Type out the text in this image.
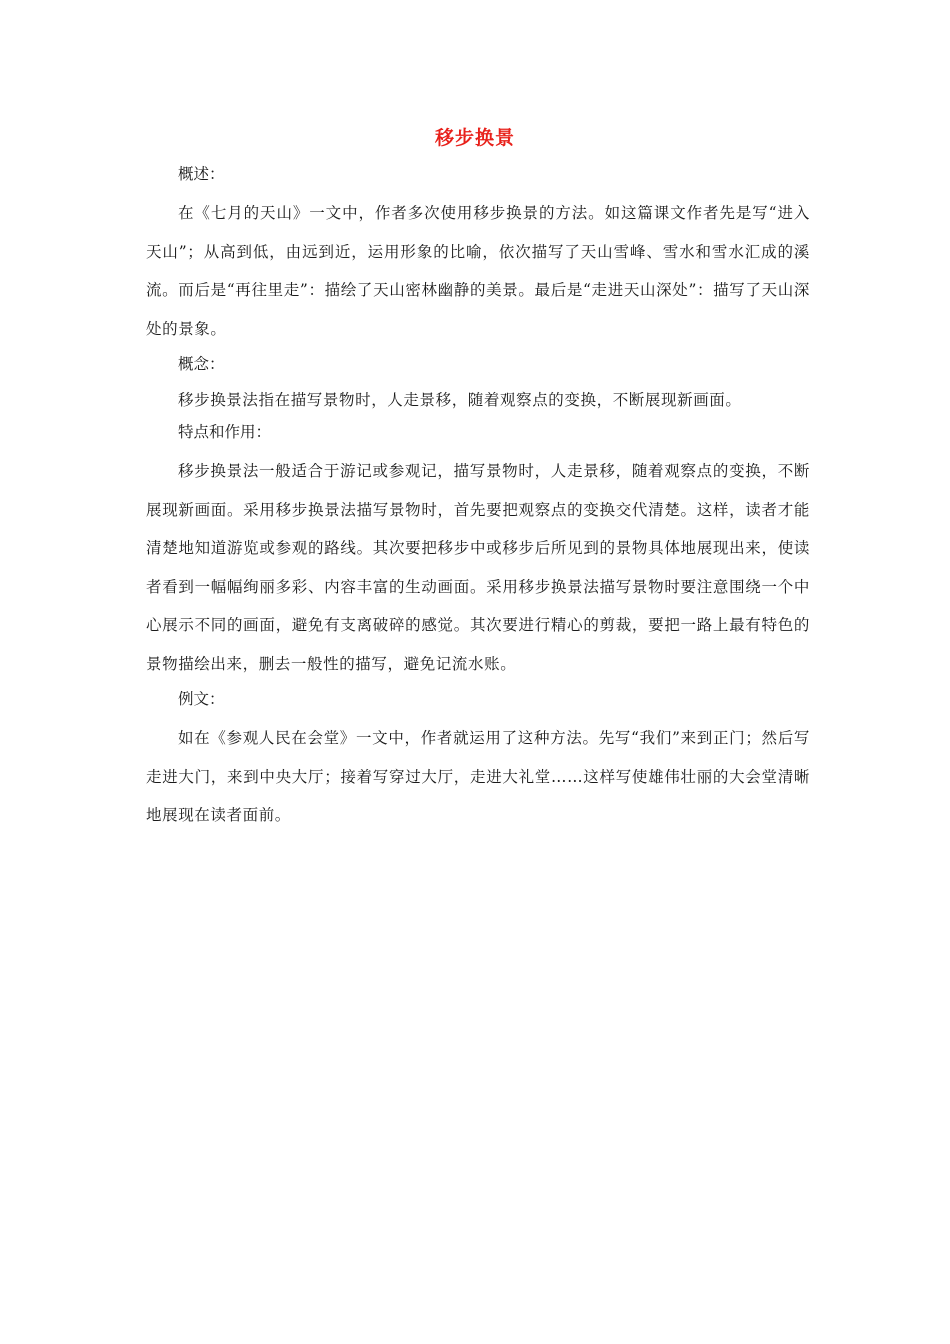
移步换景

概述：

在《七月的天山》一文中，作者多次使用移步换景的方法。如这篇课文作者先是写“进入天山”；从高到低，由远到近，运用形象的比喻，依次描写了天山雪峰、雪水和雪水汇成的溪流。而后是“再往里走”：描绘了天山密林幽静的美景。最后是“走进天山深处”：描写了天山深处的景象。

概念：

移步换景法指在描写景物时，人走景移，随着观察点的变换，不断展现新画面。

特点和作用：

移步换景法一般适合于游记或参观记，描写景物时，人走景移，随着观察点的变换，不断展现新画面。采用移步换景法描写景物时，首先要把观察点的变换交代清楚。这样，读者才能清楚地知道游览或参观的路线。其次要把移步中或移步后所见到的景物具体地展现出来，使读者看到一幅幅绚丽多彩、内容丰富的生动画面。采用移步换景法描写景物时要注意围绕一个中心展示不同的画面，避免有支离破碎的感觉。其次要进行精心的剪裁，要把一路上最有特色的景物描绘出来，删去一般性的描写，避免记流水账。

例文：

如在《参观人民在会堂》一文中，作者就运用了这种方法。先写“我们”来到正门；然后写走进大门，来到中央大厅；接着写穿过大厅，走进大礼堂……这样写使雄伟壮丽的大会堂清晰地展现在读者面前。
